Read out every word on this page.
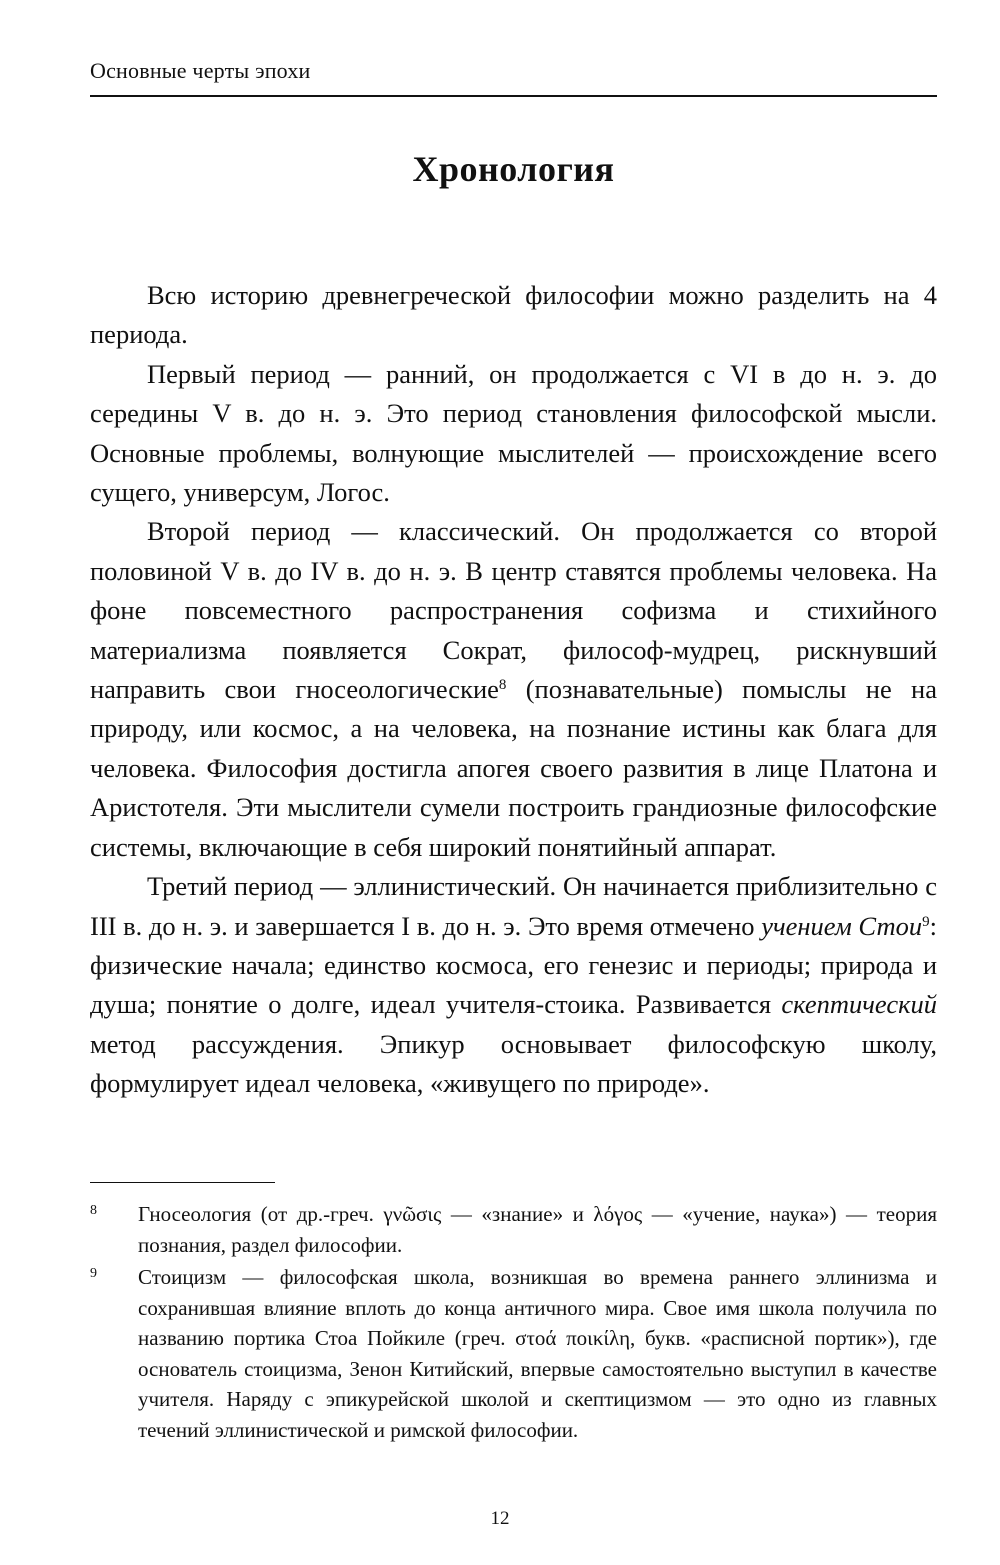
Основные черты эпохи
Хронология

Всю историю древнегреческой философии можно разделить на 4 периода.

Первый период — ранний, он продолжается с VI в до н. э. до середины V в. до н. э. Это период становления философской мысли. Основные проблемы, волнующие мыслителей — происхождение всего сущего, универсум, Логос.

Второй период — классический. Он продолжается со второй половиной V в. до IV в. до н. э. В центр ставятся проблемы человека. На фоне повсеместного распространения софизма и стихийного материализма появляется Сократ, философ-мудрец, рискнувший направить свои гносеологические$^8$ (познавательные) помыслы не на природу, или космос, а на человека, на познание истины как блага для человека. Философия достигла апогея своего развития в лице Платона и Аристотеля. Эти мыслители сумели построить грандиозные философские системы, включающие в себя широкий понятийный аппарат.

Третий период — эллинистический. Он начинается приблизительно с III в. до н. э. и завершается I в. до н. э. Это время отмечено учением Стои$^9$: физические начала; единство космоса, его генезис и периоды; природа и душа; понятие о долге, идеал учителя-стоика. Развивается скептический метод рассуждения. Эпикур основывает философскую школу, формулирует идеал человека, «живущего по природе».

8 Гносеология (от др.-греч. γνῶσις — «знание» и λόγος — «учение, наука») — теория познания, раздел философии.
9 Стоицизм — философская школа, возникшая во времена раннего эллинизма и сохранившая влияние вплоть до конца античного мира. Свое имя школа получила по названию портика Стоа Пойкиле (греч. στοά ποικίλη, букв. «расписной портик»), где основатель стоицизма, Зенон Китийский, впервые самостоятельно выступил в качестве учителя. Наряду с эпикурейской школой и скептицизмом — это одно из главных течений эллинистической и римской философии.
12
